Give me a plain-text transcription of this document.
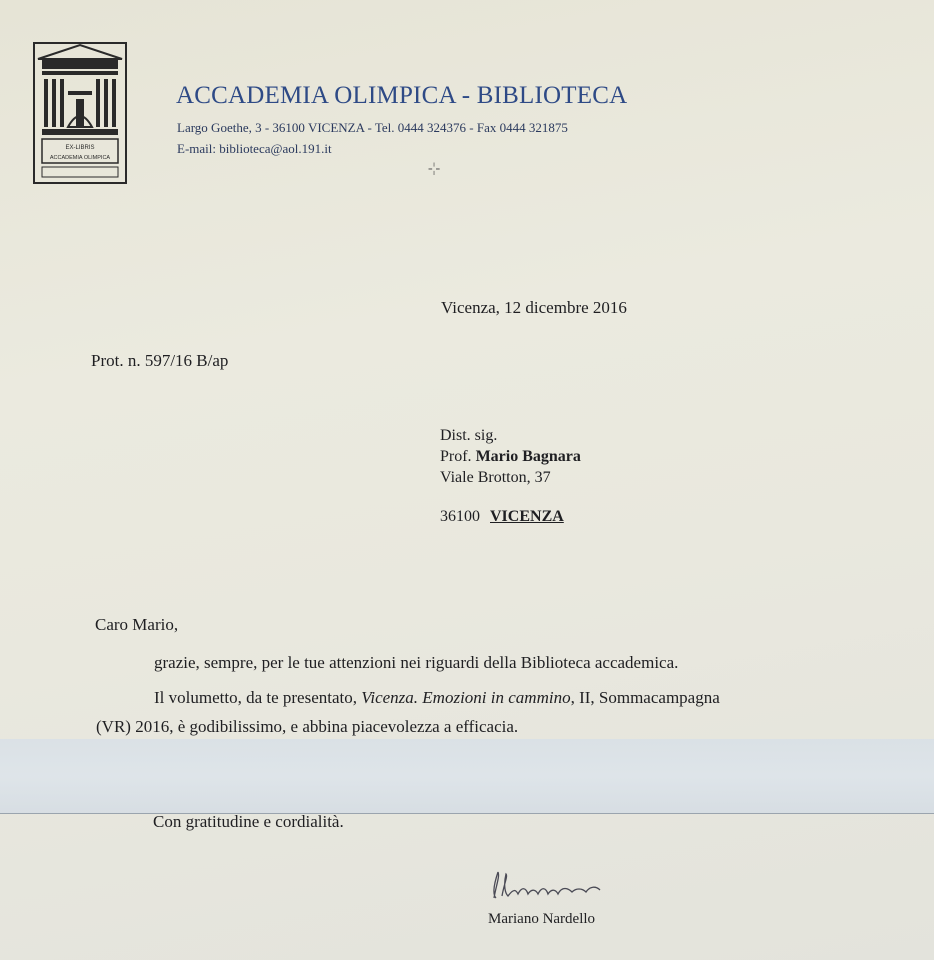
EX-LIBRIS
ACCADEMIA OLIMPICA
ACCADEMIA OLIMPICA - BIBLIOTECA
Largo Goethe, 3 - 36100 VICENZA - Tel. 0444 324376 - Fax 0444 321875
E-mail: biblioteca@aol.191.it
-¦-
Vicenza, 12 dicembre 2016
Prot. n. 597/16 B/ap
Dist. sig.
Prof. Mario Bagnara
Viale Brotton, 37
36100 VICENZA
Caro Mario,
grazie, sempre, per le tue attenzioni nei riguardi della Biblioteca accademica.
Il volumetto, da te presentato, Vicenza. Emozioni in cammino, II, Sommacampagna
(VR) 2016, è godibilissimo, e abbina piacevolezza a efficacia.
Con gratitudine e cordialità.
Mariano Nardello
